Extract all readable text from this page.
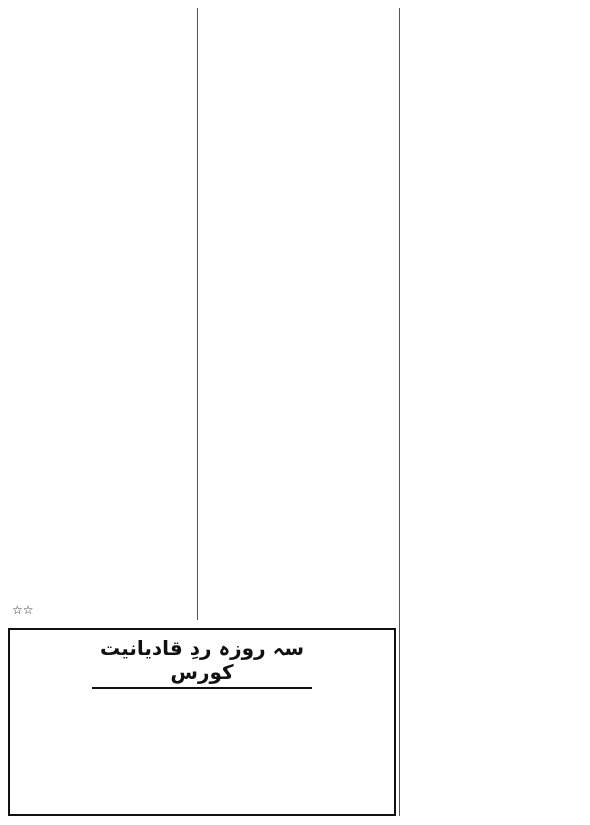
☆☆
سہ روزہ ردِ قادیانیت کورس
